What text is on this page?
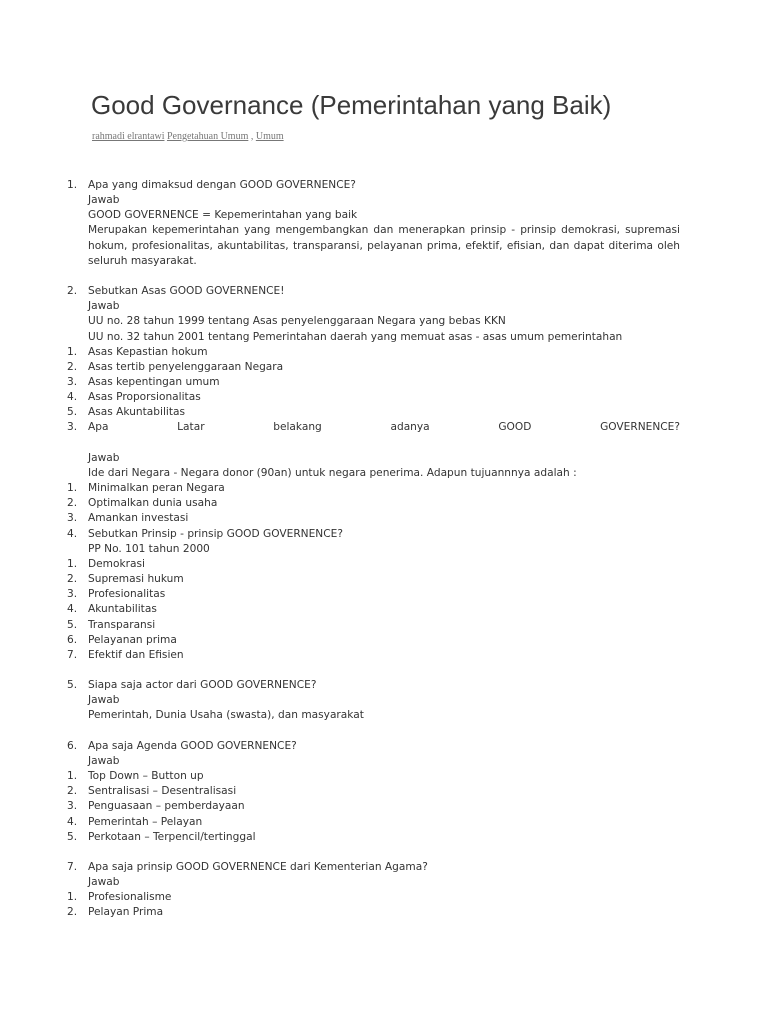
Good Governance (Pemerintahan yang Baik)
rahmadi elrantawi Pengetahuan Umum , Umum
1. Apa yang dimaksud dengan GOOD GOVERNENCE?
Jawab
GOOD GOVERNENCE = Kepemerintahan yang baik
Merupakan kepemerintahan yang mengembangkan dan menerapkan prinsip - prinsip demokrasi, supremasi hokum, profesionalitas, akuntabilitas, transparansi, pelayanan prima, efektif, efisian, dan dapat diterima oleh seluruh masyarakat.
2. Sebutkan Asas GOOD GOVERNENCE!
Jawab
UU no. 28 tahun 1999 tentang Asas penyelenggaraan Negara yang bebas KKN
UU no. 32 tahun 2001 tentang Pemerintahan daerah yang memuat asas - asas umum pemerintahan
1. Asas Kepastian hokum
2. Asas tertib penyelenggaraan Negara
3. Asas kepentingan umum
4. Asas Proporsionalitas
5. Asas Akuntabilitas
3. Apa Latar belakang adanya GOOD GOVERNENCE?
Jawab
Ide dari Negara - Negara donor (90an) untuk negara penerima. Adapun tujuannnya adalah :
1. Minimalkan peran Negara
2. Optimalkan dunia usaha
3. Amankan investasi
4. Sebutkan Prinsip - prinsip GOOD GOVERNENCE?
PP No. 101 tahun 2000
1. Demokrasi
2. Supremasi hukum
3. Profesionalitas
4. Akuntabilitas
5. Transparansi
6. Pelayanan prima
7. Efektif dan Efisien
5. Siapa saja actor dari GOOD GOVERNENCE?
Jawab
Pemerintah, Dunia Usaha (swasta), dan masyarakat
6. Apa saja Agenda GOOD GOVERNENCE?
Jawab
1. Top Down – Button up
2. Sentralisasi – Desentralisasi
3. Penguasaan – pemberdayaan
4. Pemerintah – Pelayan
5. Perkotaan – Terpencil/tertinggal
7. Apa saja prinsip GOOD GOVERNENCE dari Kementerian Agama?
Jawab
1. Profesionalisme
2. Pelayan Prima
